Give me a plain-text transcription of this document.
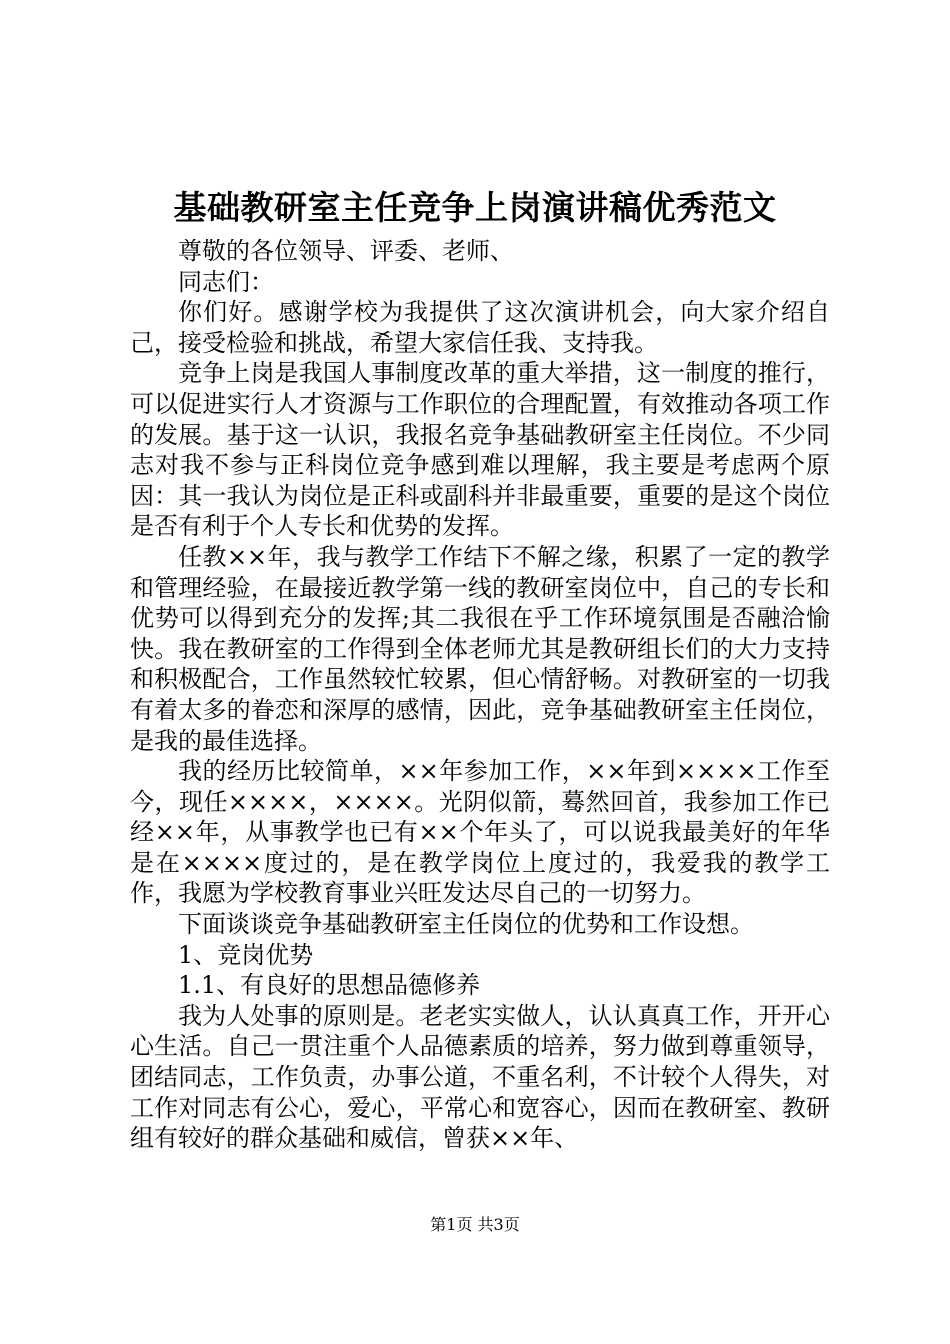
基础教研室主任竞争上岗演讲稿优秀范文

尊敬的各位领导、评委、老师、

同志们：

你们好。感谢学校为我提供了这次演讲机会，向大家介绍自己，接受检验和挑战，希望大家信任我、支持我。

竞争上岗是我国人事制度改革的重大举措，这一制度的推行，可以促进实行人才资源与工作职位的合理配置，有效推动各项工作的发展。基于这一认识，我报名竞争基础教研室主任岗位。不少同志对我不参与正科岗位竞争感到难以理解，我主要是考虑两个原因：其一我认为岗位是正科或副科并非最重要，重要的是这个岗位是否有利于个人专长和优势的发挥。

任教××年，我与教学工作结下不解之缘，积累了一定的教学和管理经验，在最接近教学第一线的教研室岗位中，自己的专长和优势可以得到充分的发挥;其二我很在乎工作环境氛围是否融洽愉快。我在教研室的工作得到全体老师尤其是教研组长们的大力支持和积极配合，工作虽然较忙较累，但心情舒畅。对教研室的一切我有着太多的眷恋和深厚的感情，因此，竞争基础教研室主任岗位，是我的最佳选择。

我的经历比较简单，××年参加工作，××年到××××工作至今，现任××××，××××。光阴似箭，蓦然回首，我参加工作已经××年，从事教学也已有××个年头了，可以说我最美好的年华是在××××度过的，是在教学岗位上度过的，我爱我的教学工作，我愿为学校教育事业兴旺发达尽自己的一切努力。

下面谈谈竞争基础教研室主任岗位的优势和工作设想。

1、竞岗优势

1.1、有良好的思想品德修养

我为人处事的原则是。老老实实做人，认认真真工作，开开心心生活。自己一贯注重个人品德素质的培养，努力做到尊重领导，团结同志，工作负责，办事公道，不重名利，不计较个人得失，对工作对同志有公心，爱心，平常心和宽容心，因而在教研室、教研组有较好的群众基础和威信，曾获××年、

第1页 共3页
